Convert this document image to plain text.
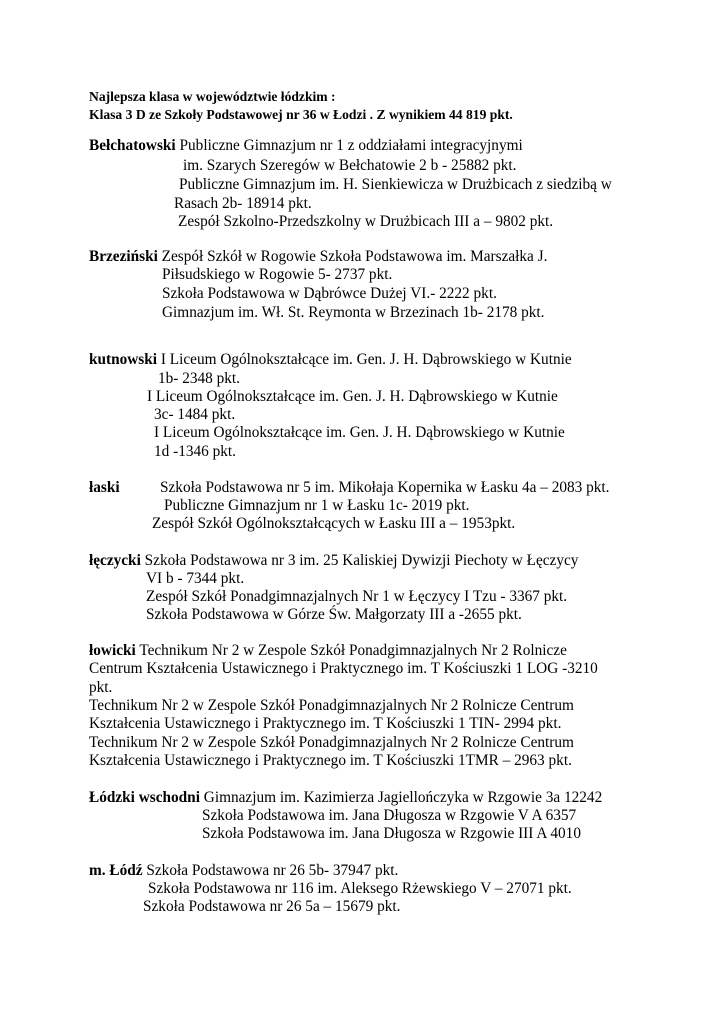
Najlepsza klasa w województwie łódzkim :
Klasa 3 D ze Szkoły Podstawowej nr 36 w Łodzi . Z wynikiem 44 819 pkt.
Bełchatowski Publiczne Gimnazjum nr 1 z oddziałami integracyjnymi
im. Szarych Szeregów w Bełchatowie 2 b - 25882 pkt.
Publiczne Gimnazjum im. H. Sienkiewicza w Drużbicach z siedzibą w
Rasach 2b- 18914 pkt.
Zespół Szkolno-Przedszkolny w Drużbicach III a – 9802 pkt.
Brzeziński Zespół Szkół w Rogowie Szkoła Podstawowa im. Marszałka J.
Piłsudskiego w Rogowie 5- 2737 pkt.
Szkoła Podstawowa w Dąbrówce Dużej VI.- 2222 pkt.
Gimnazjum im. Wł. St. Reymonta w Brzezinach 1b- 2178 pkt.
kutnowski I Liceum Ogólnokształcące im. Gen. J. H. Dąbrowskiego w Kutnie
1b- 2348 pkt.
I Liceum Ogólnokształcące im. Gen. J. H. Dąbrowskiego w Kutnie
3c- 1484 pkt.
I Liceum Ogólnokształcące im. Gen. J. H. Dąbrowskiego w Kutnie
1d -1346 pkt.
łaski	Szkoła Podstawowa nr 5 im. Mikołaja Kopernika w Łasku 4a – 2083 pkt.
Publiczne Gimnazjum nr 1 w Łasku 1c- 2019 pkt.
Zespół Szkół Ogólnokształcących w Łasku III a – 1953pkt.
łęczycki Szkoła Podstawowa nr 3 im. 25 Kaliskiej Dywizji Piechoty w Łęczycy
VI b - 7344 pkt.
Zespół Szkół Ponadgimnazjalnych Nr 1 w Łęczycy I Tzu - 3367 pkt.
Szkoła Podstawowa w Górze Św. Małgorzaty III a -2655 pkt.
łowicki Technikum Nr 2 w Zespole Szkół Ponadgimnazjalnych Nr 2 Rolnicze
Centrum Kształcenia Ustawicznego i Praktycznego im. T Kościuszki 1 LOG -3210
pkt.
Technikum Nr 2 w Zespole Szkół Ponadgimnazjalnych Nr 2 Rolnicze Centrum
Kształcenia Ustawicznego i Praktycznego im. T Kościuszki 1 TIN- 2994 pkt.
Technikum Nr 2 w Zespole Szkół Ponadgimnazjalnych Nr 2 Rolnicze Centrum
Kształcenia Ustawicznego i Praktycznego im. T Kościuszki 1TMR – 2963 pkt.
Łódzki wschodni Gimnazjum im. Kazimierza Jagiellończyka w Rzgowie 3a 12242
Szkoła Podstawowa im. Jana Długosza w Rzgowie V A 6357
Szkoła Podstawowa im. Jana Długosza w Rzgowie III A 4010
m. Łódź Szkoła Podstawowa nr 26 5b- 37947 pkt.
Szkoła Podstawowa nr 116 im. Aleksego Rżewskiego V – 27071 pkt.
Szkoła Podstawowa nr 26 5a – 15679 pkt.
